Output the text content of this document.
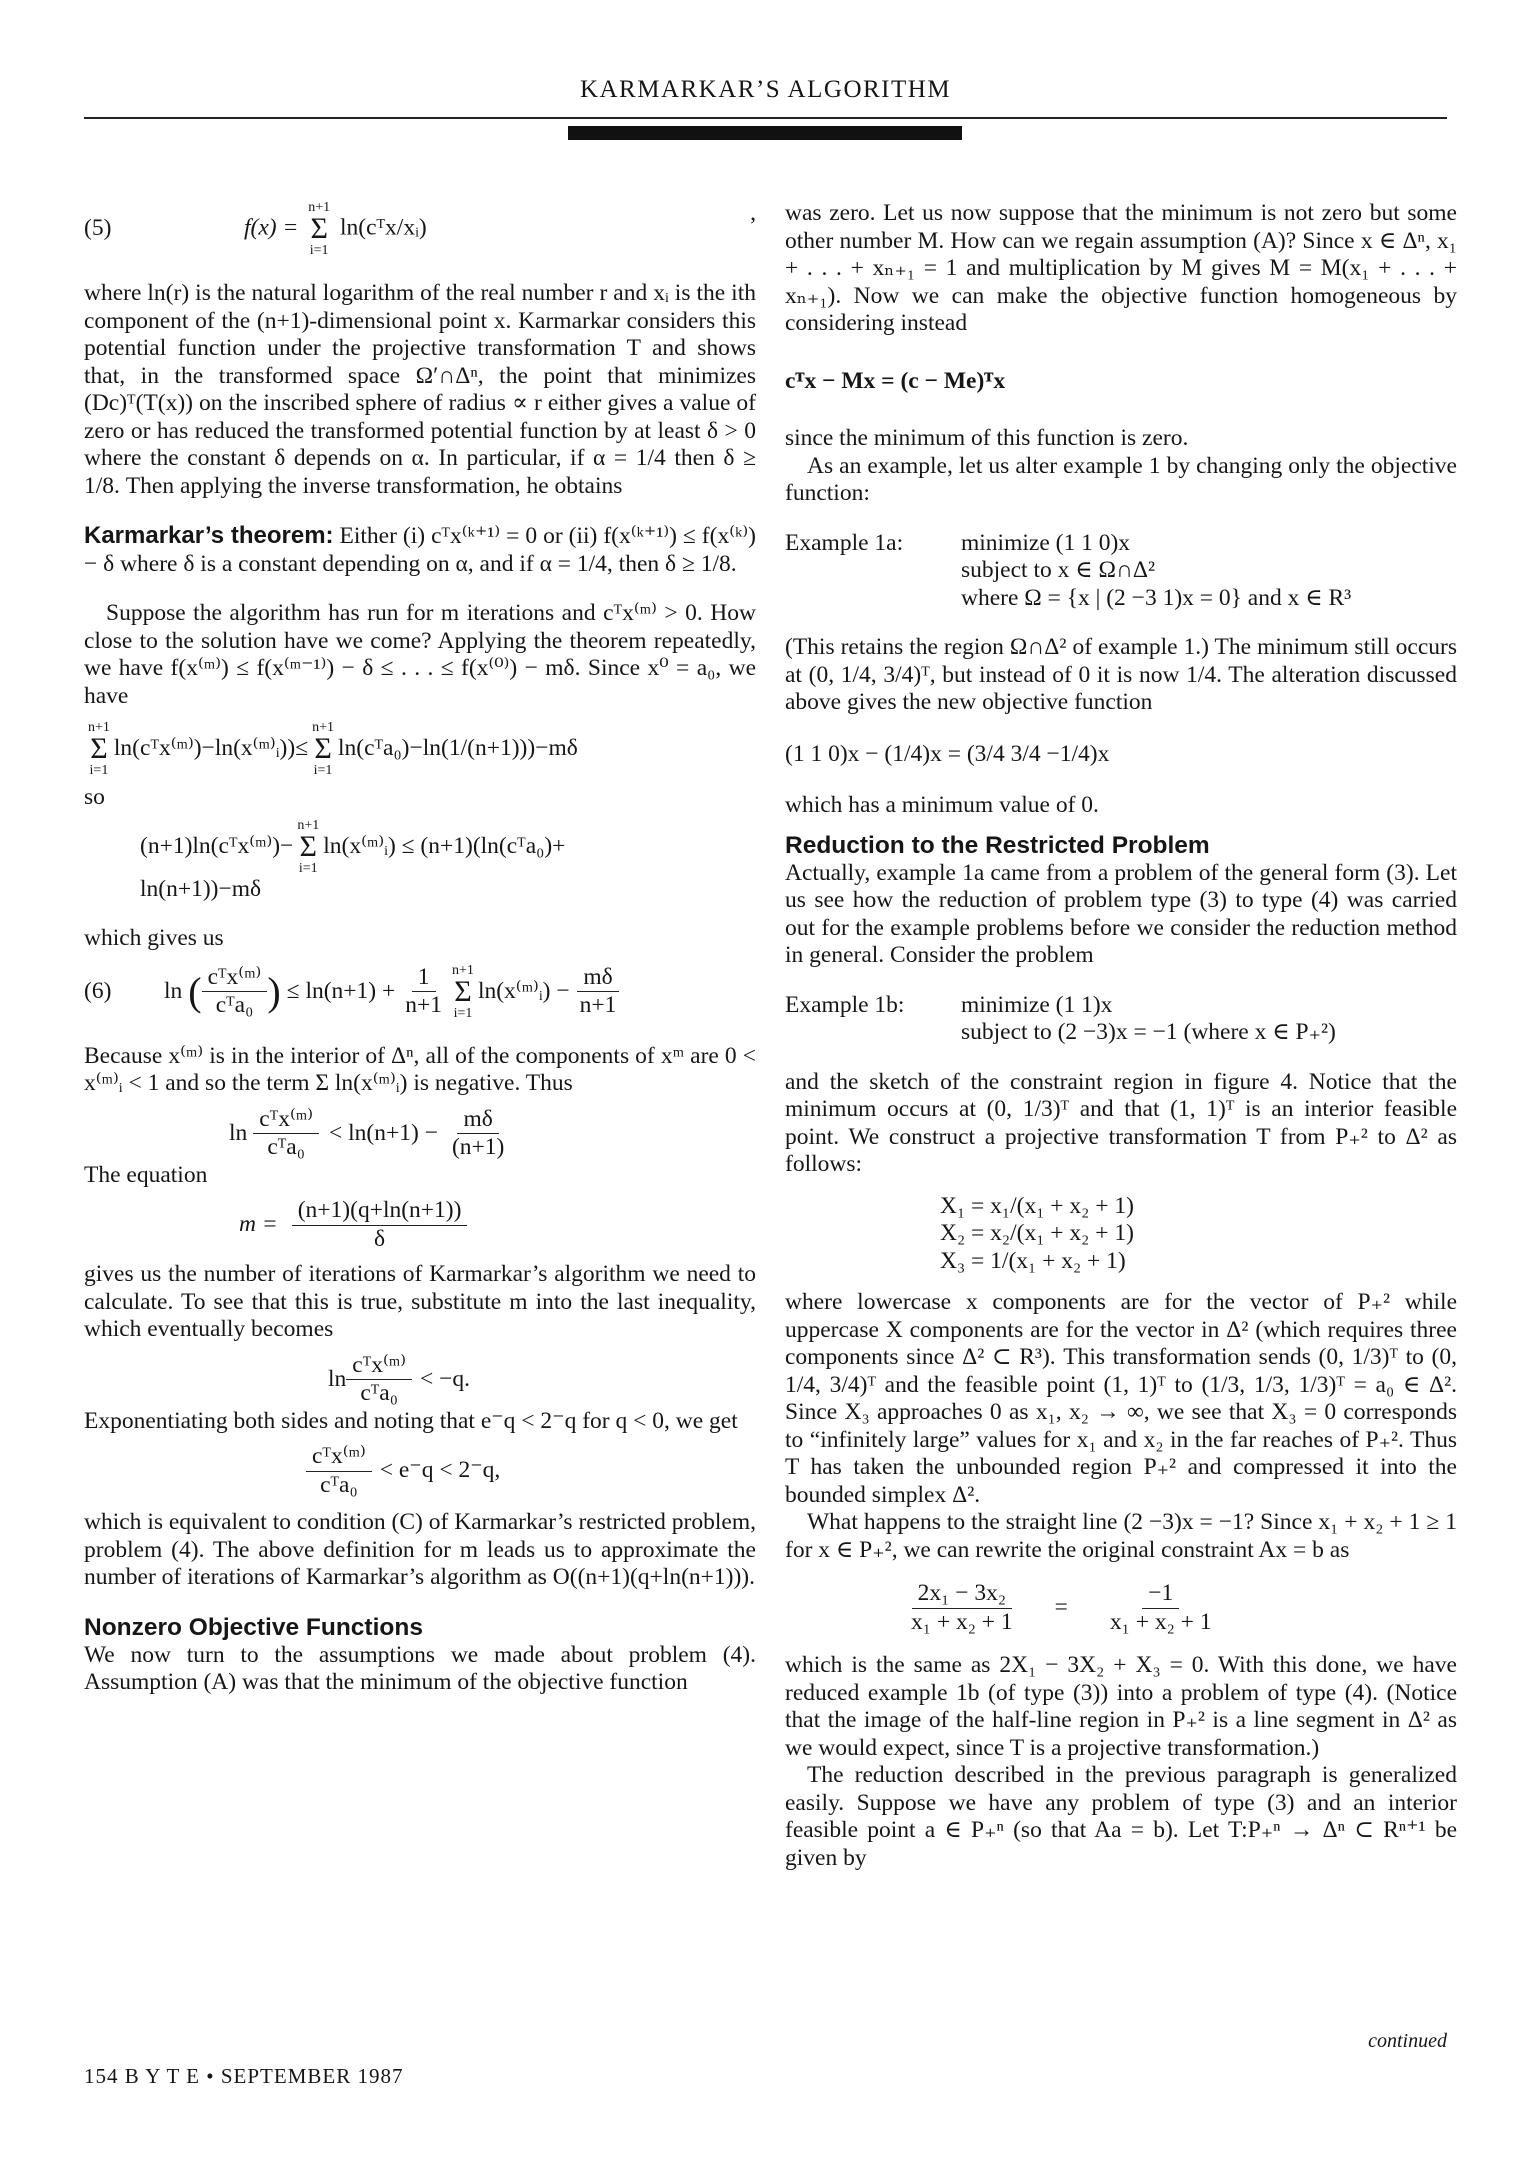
KARMARKAR’S ALGORITHM
(5)	f(x) =
n+1
Σ
i=1
ln(cᵀx/xᵢ)
,

where ln(r) is the natural logarithm of the real number r and xᵢ is the ith component of the (n+1)-dimensional point x. Karmarkar considers this potential function under the projective transformation T and shows that, in the transformed space Ω′∩Δⁿ, the point that minimizes (Dc)ᵀ(T(x)) on the inscribed sphere of radius ∝ r either gives a value of zero or has reduced the transformed potential function by at least δ > 0 where the constant δ depends on α. In particular, if α = 1/4 then δ ≥ 1/8. Then applying the inverse transformation, he obtains

Karmarkar’s theorem: Either (i) cᵀx⁽ᵏ⁺¹⁾ = 0 or (ii) f(x⁽ᵏ⁺¹⁾) ≤ f(x⁽ᵏ⁾) − δ where δ is a constant depending on α, and if α = 1/4, then δ ≥ 1/8.

Suppose the algorithm has run for m iterations and cᵀx⁽ᵐ⁾ > 0. How close to the solution have we come? Applying the theorem repeatedly, we have f(x⁽ᵐ⁾) ≤ f(x⁽ᵐ⁻¹⁾) − δ ≤ . . . ≤ f(x⁽⁰⁾) − mδ. Since x⁰ = a₀, we have

n+1
Σ
i=1
ln(cᵀx⁽ᵐ⁾)−ln(x⁽ᵐ⁾ᵢ))≤
n+1
Σ
i=1
ln(cᵀa₀)−ln(1/(n+1)))−mδ

so

(n+1)ln(cᵀx⁽ᵐ⁾)−
n+1
Σ
i=1
ln(x⁽ᵐ⁾ᵢ) ≤ (n+1)(ln(cᵀa₀)+

ln(n+1))−mδ

which gives us

(6)	ln ( $\frac{\text{cᵀx⁽ᵐ⁾}}{\text{cᵀa₀}}$ ) ≤ $\ln(n+1) + \frac{1}{n+1} n+1$
Σ
i=1
ln(x⁽ᵐ⁾ᵢ) − $\frac{m\delta}{n+1}$

Because x⁽ᵐ⁾ is in the interior of Δⁿ, all of the components of xᵐ are 0 < x⁽ᵐ⁾ᵢ < 1 and so the term Σ ln(x⁽ᵐ⁾ᵢ) is negative. Thus

$\ln \frac{\text{cᵀx⁽ᵐ⁾}}{\text{cᵀa₀}} < \ln(n+1) - \frac{m\delta}{(n+1)}$

The equation

$m = \frac{(n+1)(q+\ln(n+1))}{\delta}$

gives us the number of iterations of Karmarkar’s algorithm we need to calculate. To see that this is true, substitute m into the last inequality, which eventually becomes

$\ln \frac{\text{cᵀx⁽ᵐ⁾}}{\text{cᵀa₀}} < -q$.

Exponentiating both sides and noting that e⁻q < 2⁻q for q < 0, we get

$\frac{\text{cᵀx⁽ᵐ⁾}}{\text{cᵀa₀}} < e^-q < 2^-q$,

which is equivalent to condition (C) of Karmarkar’s restricted problem, problem (4). The above definition for m leads us to approximate the number of iterations of Karmarkar’s algorithm as O((n+1)(q+ln(n+1))).

Nonzero Objective Functions

We now turn to the assumptions we made about problem (4). Assumption (A) was that the minimum of the objective function

was zero. Let us now suppose that the minimum is not zero but some other number M. How can we regain assumption (A)? Since x ∈ Δⁿ, x₁ + . . . + xₙ₊₁ = 1 and multiplication by M gives M = M(x₁ + . . . + xₙ₊₁). Now we can make the objective function homogeneous by considering instead

cᵀx − Mx = (c − Me)ᵀx

since the minimum of this function is zero.

As an example, let us alter example 1 by changing only the objective function:

Example 1a:	minimize (1 1 0)x

subject to x ∈ Ω∩Δ²

where Ω = {x | (2 −3 1)x = 0} and x ∈ R³

(This retains the region Ω∩Δ² of example 1.) The minimum still occurs at (0, 1/4, 3/4)ᵀ, but instead of 0 it is now 1/4. The alteration discussed above gives the new objective function

(1 1 0)x − (1/4)x = (3/4 3/4 −1/4)x

which has a minimum value of 0.

Reduction to the Restricted Problem

Actually, example 1a came from a problem of the general form (3). Let us see how the reduction of problem type (3) to type (4) was carried out for the example problems before we consider the reduction method in general. Consider the problem

Example 1b:	minimize (1 1)x

subject to (2 −3)x = −1 (where x ∈ P₊²)

and the sketch of the constraint region in figure 4. Notice that the minimum occurs at (0, 1/3)ᵀ and that (1, 1)ᵀ is an interior feasible point. We construct a projective transformation T from P₊² to Δ² as follows:

X₁ = x₁/(x₁ + x₂ + 1)

X₂ = x₂/(x₁ + x₂ + 1)

X₃ = 1/(x₁ + x₂ + 1)

where lowercase x components are for the vector of P₊² while uppercase X components are for the vector in Δ² (which requires three components since Δ² ⊂ R³). This transformation sends (0, 1/3)ᵀ to (0, 1/4, 3/4)ᵀ and the feasible point (1, 1)ᵀ to (1/3, 1/3, 1/3)ᵀ = a₀ ∈ Δ². Since X₃ approaches 0 as x₁, x₂ → ∞, we see that X₃ = 0 corresponds to “infinitely large” values for x₁ and x₂ in the far reaches of P₊². Thus T has taken the unbounded region P₊² and compressed it into the bounded simplex Δ².

What happens to the straight line (2 −3)x = −1? Since x₁ + x₂ + 1 ≥ 1 for x ∈ P₊², we can rewrite the original constraint Ax = b as

$\frac{\text{2x₁ − 3x₂}}{\text{x₁ + x₂ + 1}} = \frac{-1}{\text{x₁ + x₂ + 1}}$

which is the same as 2X₁ − 3X₂ + X₃ = 0. With this done, we have reduced example 1b (of type (3)) into a problem of type (4). (Notice that the image of the half-line region in P₊² is a line segment in Δ² as we would expect, since T is a projective transformation.)

The reduction described in the previous paragraph is generalized easily. Suppose we have any problem of type (3) and an interior feasible point a ∈ P₊ⁿ (so that Aa = b). Let T:P₊ⁿ → Δⁿ ⊂ Rⁿ⁺¹ be given by

continued
154 B Y T E • SEPTEMBER 1987
